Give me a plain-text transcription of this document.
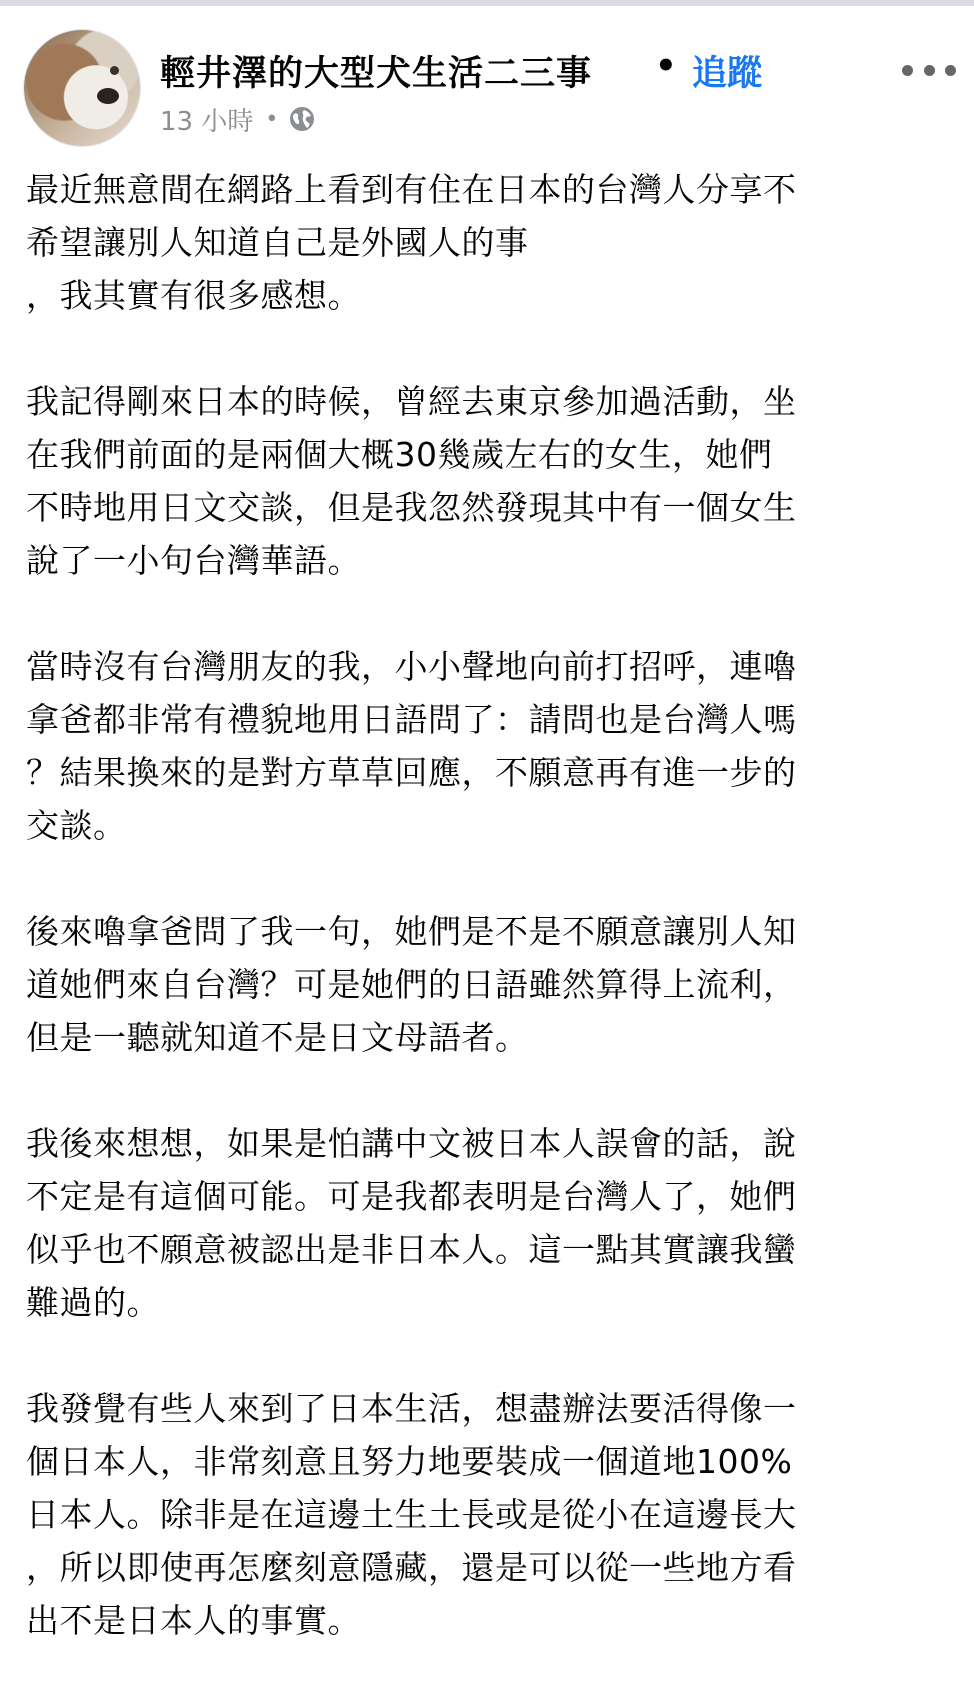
輕井澤的大型犬生活二三事 • 追蹤
13 小時 •

最近無意間在網路上看到有住在日本的台灣人分享不
希望讓別人知道自己是外國人的事
，我其實有很多感想。

我記得剛來日本的時候，曾經去東京參加過活動，坐
在我們前面的是兩個大概30幾歲左右的女生，她們
不時地用日文交談，但是我忽然發現其中有一個女生
說了一小句台灣華語。

當時沒有台灣朋友的我，小小聲地向前打招呼，連嚕
拿爸都非常有禮貌地用日語問了：請問也是台灣人嗎
？結果換來的是對方草草回應，不願意再有進一步的
交談。

後來嚕拿爸問了我一句，她們是不是不願意讓別人知
道她們來自台灣？可是她們的日語雖然算得上流利，
但是一聽就知道不是日文母語者。

我後來想想，如果是怕講中文被日本人誤會的話，說
不定是有這個可能。可是我都表明是台灣人了，她們
似乎也不願意被認出是非日本人。這一點其實讓我蠻
難過的。

我發覺有些人來到了日本生活，想盡辦法要活得像一
個日本人，非常刻意且努力地要裝成一個道地100%
日本人。除非是在這邊土生土長或是從小在這邊長大
，所以即使再怎麼刻意隱藏，還是可以從一些地方看
出不是日本人的事實。
